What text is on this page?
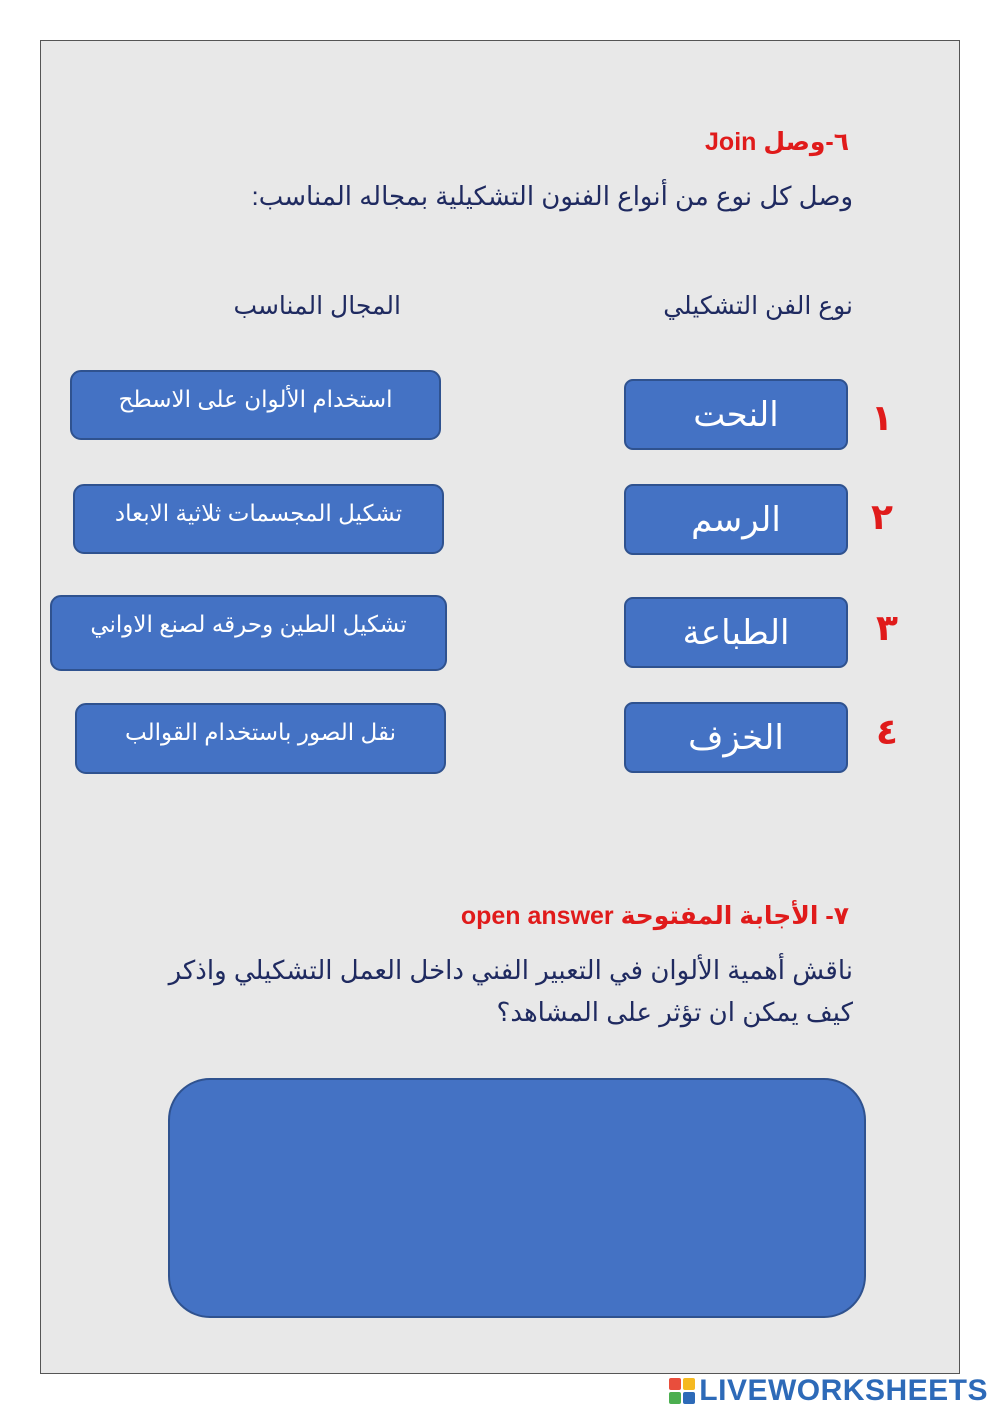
٦-وصل Join
وصل كل نوع من أنواع الفنون التشكيلية بمجاله المناسب:
نوع الفن التشكيلي
المجال المناسب
١
٢
٣
٤
النحت
الرسم
الطباعة
الخزف
استخدام الألوان على الاسطح
تشكيل المجسمات ثلاثية الابعاد
تشكيل الطين وحرقه لصنع الاواني
نقل الصور باستخدام القوالب
٧- الأجابة المفتوحة open answer
ناقش أهمية الألوان في التعبير الفني داخل العمل التشكيلي واذكر
كيف يمكن ان تؤثر على المشاهد؟
LIVEWORKSHEETS
